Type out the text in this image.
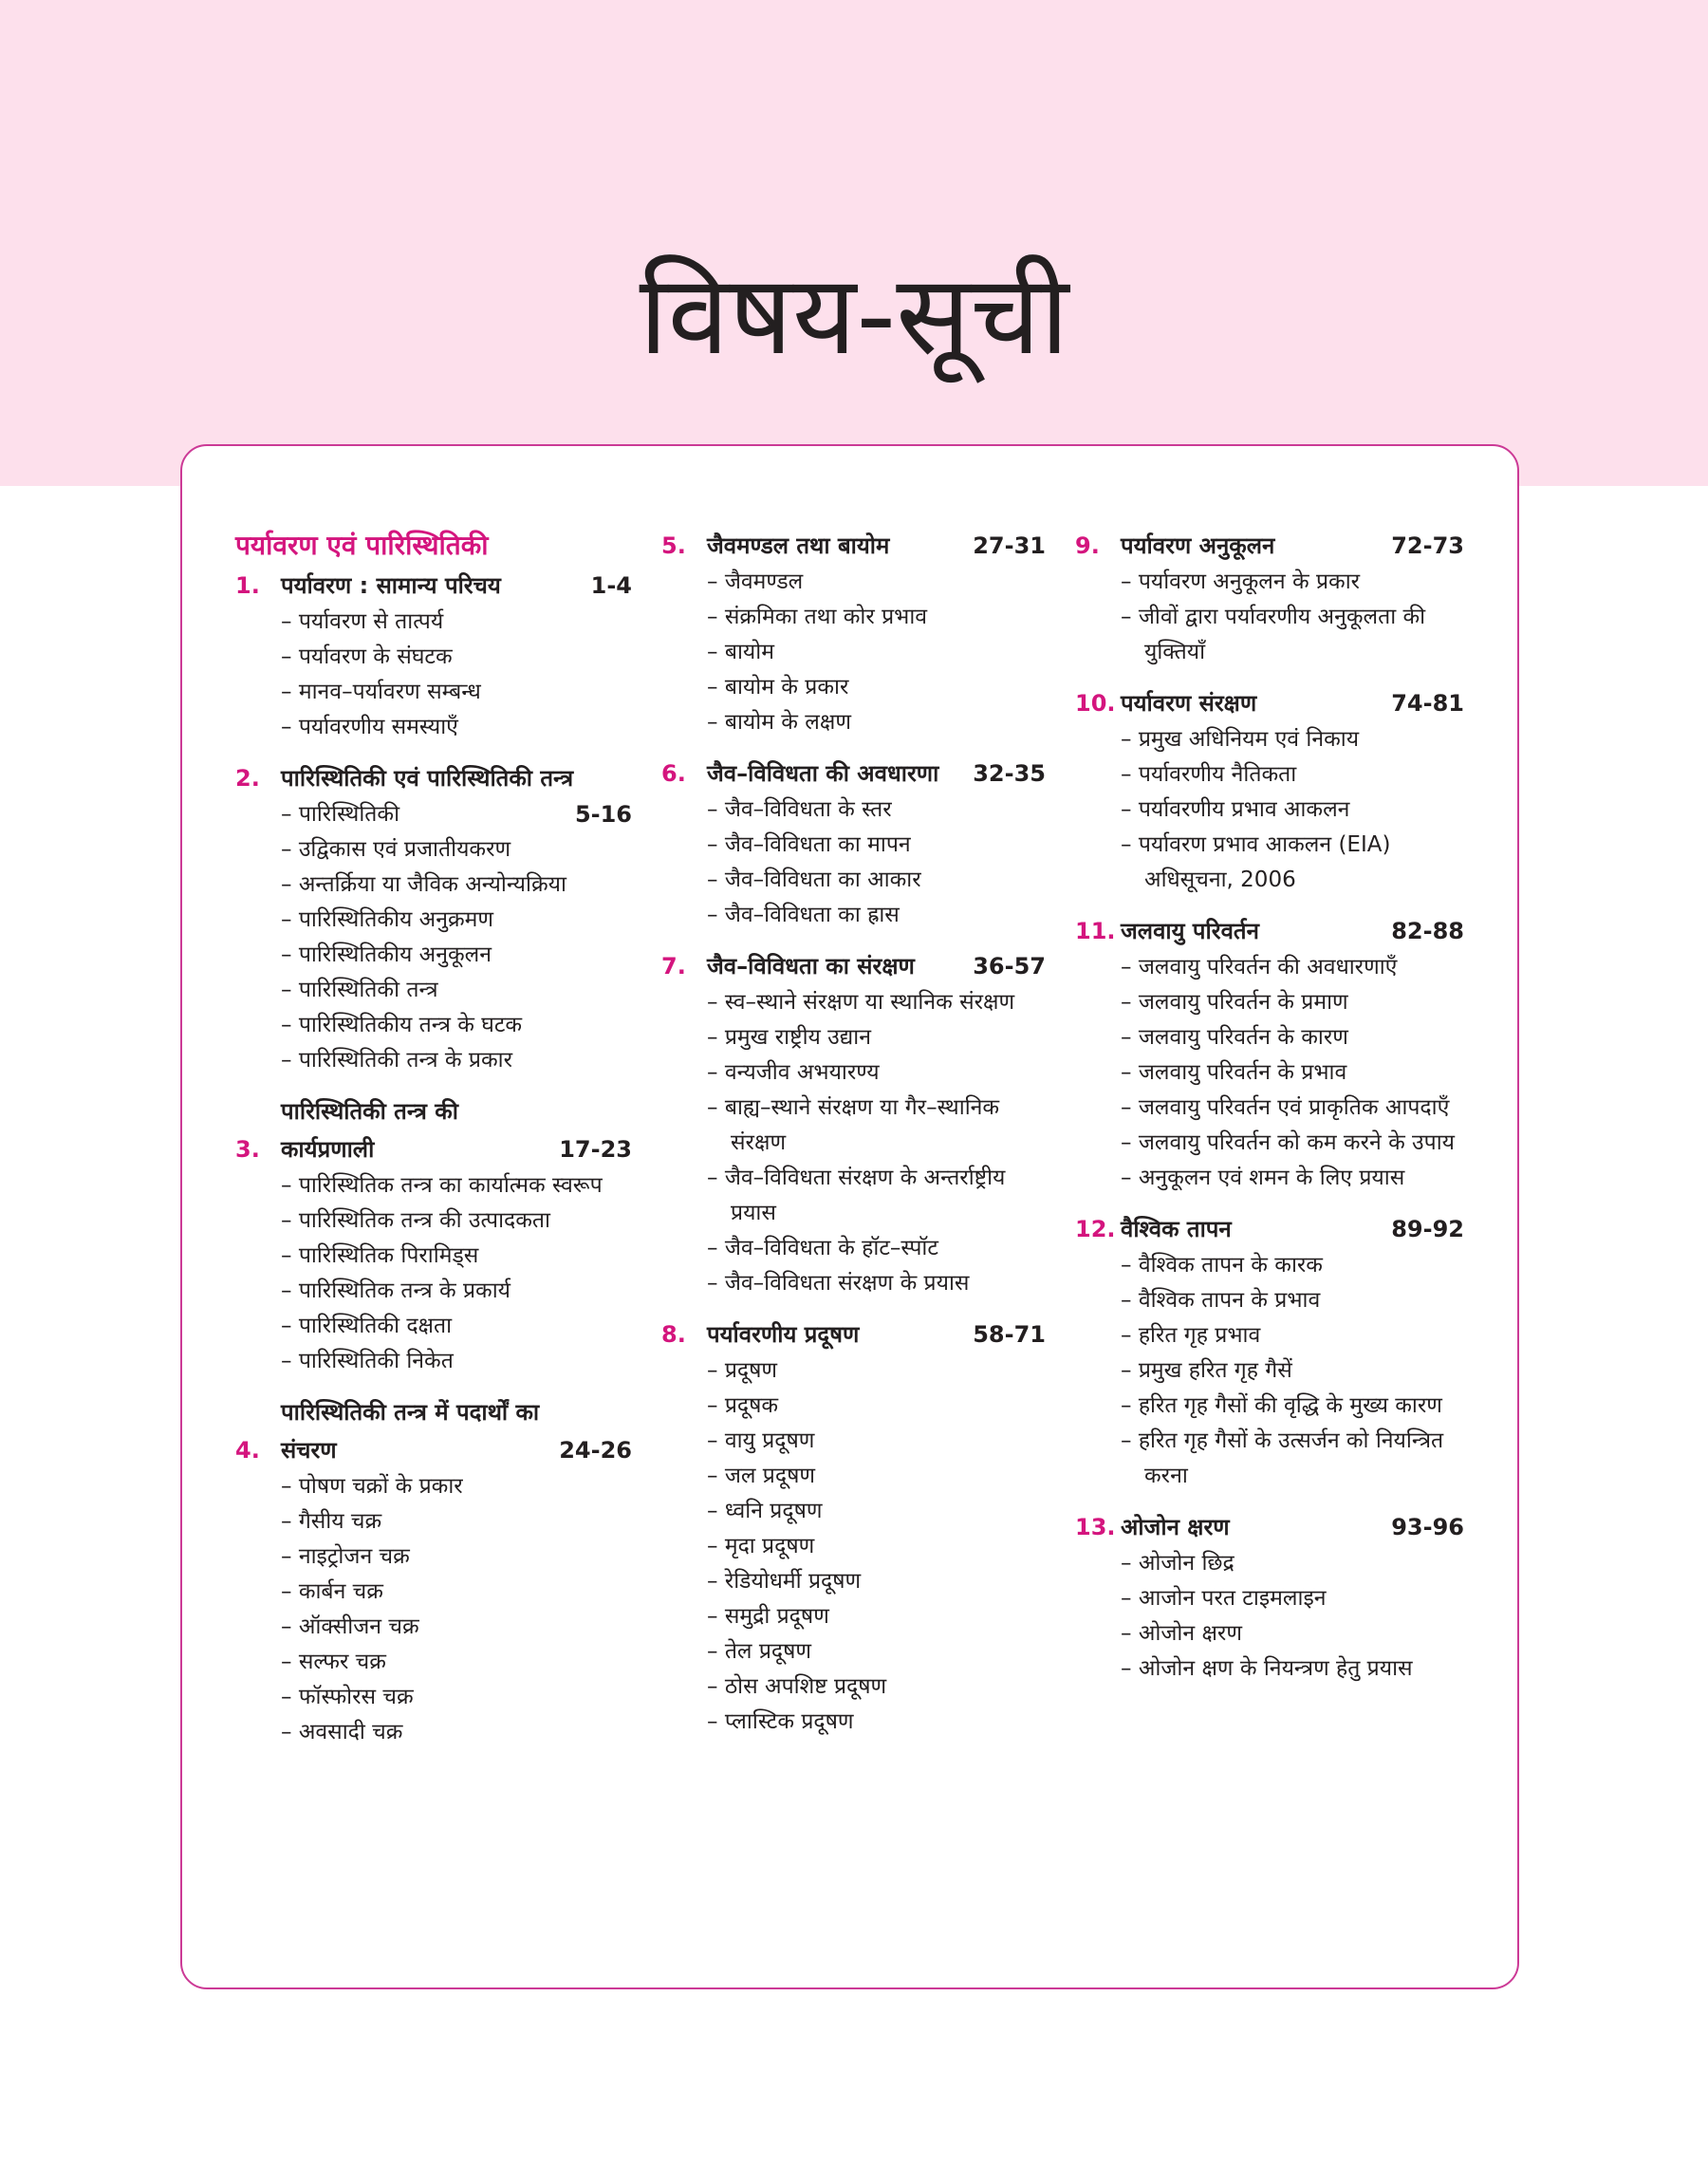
विषय-सूची
पर्यावरण एवं पारिस्थितिकी
1. पर्यावरण : सामान्य परिचय	1-4
– पर्यावरण से तात्पर्य
– पर्यावरण के संघटक
– मानव–पर्यावरण सम्बन्ध
– पर्यावरणीय समस्याएँ
2. पारिस्थितिकी एवं पारिस्थितिकी तन्त्र
– पारिस्थितिकी	5-16
– उद्विकास एवं प्रजातीयकरण
– अन्तर्क्रिया या जैविक अन्योन्यक्रिया
– पारिस्थितिकीय अनुक्रमण
– पारिस्थितिकीय अनुकूलन
– पारिस्थितिकी तन्त्र
– पारिस्थितिकीय तन्त्र के घटक
– पारिस्थितिकी तन्त्र के प्रकार
3.
पारिस्थितिकी तन्त्र की कार्यप्रणाली	17-23
– पारिस्थितिक तन्त्र का कार्यात्मक स्वरूप
– पारिस्थितिक तन्त्र की उत्पादकता
– पारिस्थितिक पिरामिड्स
– पारिस्थितिक तन्त्र के प्रकार्य
– पारिस्थितिकी दक्षता
– पारिस्थितिकी निकेत
4.
पारिस्थितिकी तन्त्र में पदार्थों का संचरण	24-26
– पोषण चक्रों के प्रकार
– गैसीय चक्र
– नाइट्रोजन चक्र
– कार्बन चक्र
– ऑक्सीजन चक्र
– सल्फर चक्र
– फॉस्फोरस चक्र
– अवसादी चक्र
5. जैवमण्डल तथा बायोम	27-31
– जैवमण्डल
– संक्रमिका तथा कोर प्रभाव
– बायोम
– बायोम के प्रकार
– बायोम के लक्षण
6. जैव–विविधता की अवधारणा	32-35
– जैव–विविधता के स्तर
– जैव–विविधता का मापन
– जैव–विविधता का आकार
– जैव–विविधता का ह्रास
7. जैव–विविधता का संरक्षण	36-57
– स्व–स्थाने संरक्षण या स्थानिक संरक्षण
– प्रमुख राष्ट्रीय उद्यान
– वन्यजीव अभयारण्य
– बाह्य–स्थाने संरक्षण या गैर–स्थानिक संरक्षण
– जैव–विविधता संरक्षण के अन्तर्राष्ट्रीय प्रयास
– जैव–विविधता के हॉट–स्पॉट
– जैव–विविधता संरक्षण के प्रयास
8. पर्यावरणीय प्रदूषण	58-71
– प्रदूषण
– प्रदूषक
– वायु प्रदूषण
– जल प्रदूषण
– ध्वनि प्रदूषण
– मृदा प्रदूषण
– रेडियोधर्मी प्रदूषण
– समुद्री प्रदूषण
– तेल प्रदूषण
– ठोस अपशिष्ट प्रदूषण
– प्लास्टिक प्रदूषण
9. पर्यावरण अनुकूलन	72-73
– पर्यावरण अनुकूलन के प्रकार
– जीवों द्वारा पर्यावरणीय अनुकूलता की युक्तियाँ
10. पर्यावरण संरक्षण	74-81
– प्रमुख अधिनियम एवं निकाय
– पर्यावरणीय नैतिकता
– पर्यावरणीय प्रभाव आकलन
– पर्यावरण प्रभाव आकलन (EIA) अधिसूचना, 2006
11. जलवायु परिवर्तन	82-88
– जलवायु परिवर्तन की अवधारणाएँ
– जलवायु परिवर्तन के प्रमाण
– जलवायु परिवर्तन के कारण
– जलवायु परिवर्तन के प्रभाव
– जलवायु परिवर्तन एवं प्राकृतिक आपदाएँ
– जलवायु परिवर्तन को कम करने के उपाय
– अनुकूलन एवं शमन के लिए प्रयास
12. वैश्विक तापन	89-92
– वैश्विक तापन के कारक
– वैश्विक तापन के प्रभाव
– हरित गृह प्रभाव
– प्रमुख हरित गृह गैसें
– हरित गृह गैसों की वृद्धि के मुख्य कारण
– हरित गृह गैसों के उत्सर्जन को नियन्त्रित करना
13. ओजोन क्षरण	93-96
– ओजोन छिद्र
– आजोन परत टाइमलाइन
– ओजोन क्षरण
– ओजोन क्षण के नियन्त्रण हेतु प्रयास
